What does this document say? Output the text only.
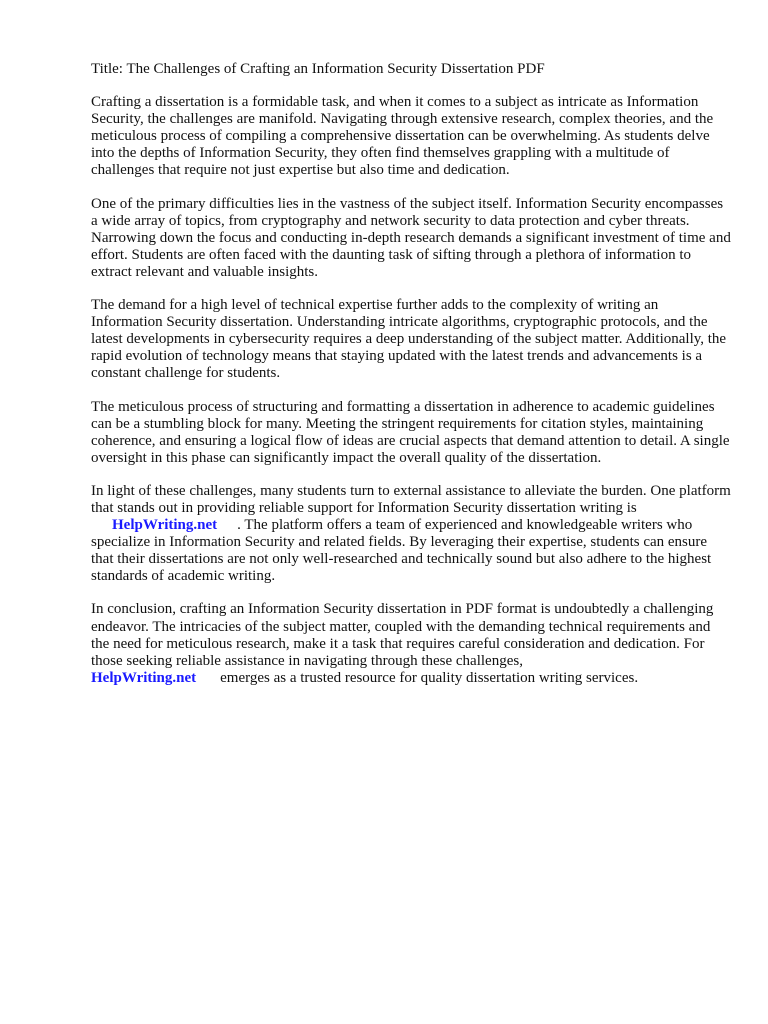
Title: The Challenges of Crafting an Information Security Dissertation PDF

Crafting a dissertation is a formidable task, and when it comes to a subject as intricate as Information Security, the challenges are manifold. Navigating through extensive research, complex theories, and the meticulous process of compiling a comprehensive dissertation can be overwhelming. As students delve into the depths of Information Security, they often find themselves grappling with a multitude of challenges that require not just expertise but also time and dedication.

One of the primary difficulties lies in the vastness of the subject itself. Information Security encompasses a wide array of topics, from cryptography and network security to data protection and cyber threats. Narrowing down the focus and conducting in-depth research demands a significant investment of time and effort. Students are often faced with the daunting task of sifting through a plethora of information to extract relevant and valuable insights.

The demand for a high level of technical expertise further adds to the complexity of writing an Information Security dissertation. Understanding intricate algorithms, cryptographic protocols, and the latest developments in cybersecurity requires a deep understanding of the subject matter. Additionally, the rapid evolution of technology means that staying updated with the latest trends and advancements is a constant challenge for students.

The meticulous process of structuring and formatting a dissertation in adherence to academic guidelines can be a stumbling block for many. Meeting the stringent requirements for citation styles, maintaining coherence, and ensuring a logical flow of ideas are crucial aspects that demand attention to detail. A single oversight in this phase can significantly impact the overall quality of the dissertation.

In light of these challenges, many students turn to external assistance to alleviate the burden. One platform that stands out in providing reliable support for Information Security dissertation writing is
HelpWriting.net . The platform offers a team of experienced and knowledgeable writers who specialize in Information Security and related fields. By leveraging their expertise, students can ensure that their dissertations are not only well-researched and technically sound but also adhere to the highest standards of academic writing.

In conclusion, crafting an Information Security dissertation in PDF format is undoubtedly a challenging endeavor. The intricacies of the subject matter, coupled with the demanding technical requirements and the need for meticulous research, make it a task that requires careful consideration and dedication. For those seeking reliable assistance in navigating through these challenges,
HelpWriting.net emerges as a trusted resource for quality dissertation writing services.
